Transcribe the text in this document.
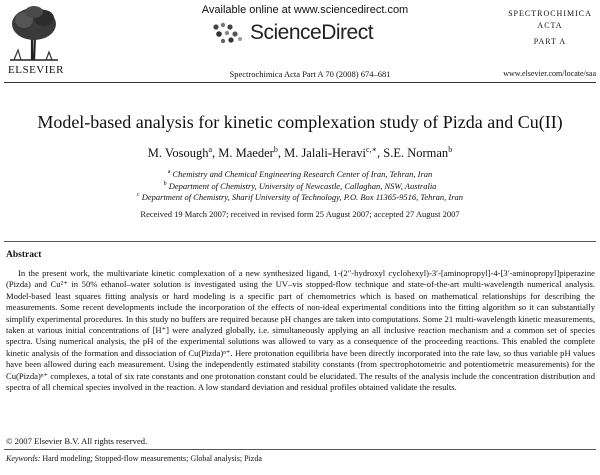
ELSEVIER
Available online at www.sciencedirect.com
ScienceDirect
Spectrochimica Acta Part A 70 (2008) 674–681
SPECTROCHIMICA
ACTA
PART A
www.elsevier.com/locate/saa
Model-based analysis for kinetic complexation study of Pizda and Cu(II)
M. Vosough$^a$, M. Maeder$^b$, M. Jalali-Heravi$^{c,∗}$, S.E. Norman$^b$
$^a$ Chemistry and Chemical Engineering Research Center of Iran, Tehran, Iran
$^b$ Department of Chemistry, University of Newcastle, Callaghan, NSW, Australia
$^c$ Department of Chemistry, Sharif University of Technology, P.O. Box 11365-9516, Tehran, Iran
Received 19 March 2007; received in revised form 25 August 2007; accepted 27 August 2007
Abstract

In the present work, the multivariate kinetic complexation of a new synthesized ligand, 1-(2″-hydroxyl cyclohexyl)-3′-[aminopropyl]-4-[3′-aminopropyl]piperazine (Pizda) and Cu²⁺ in 50% ethanol–water solution is investigated using the UV–vis stopped-flow technique and state-of-the-art multi-wavelength numerical analysis. Model-based least squares fitting analysis or hard modeling is a specific part of chemometrics which is based on mathematical relationships for describing the measurements. Some recent developments include the incorporation of the effects of non-ideal experimental conditions into the fitting algorithm so it can substantially simplify experimental procedures. In this study no buffers are required because pH changes are taken into computations. Some 21 multi-wavelength kinetic measurements, taken at various initial concentrations of [H⁺] were analyzed globally, i.e. simultaneously applying an all inclusive reaction mechanism and a common set of species spectra. Using numerical analysis, the pH of the experimental solutions was allowed to vary as a consequence of the proceeding reactions. This enabled the complete kinetic analysis of the formation and dissociation of Cu(Pizda)ⁿ⁺. Here protonation equilibria have been directly incorporated into the rate law, so thus variable pH values have been allowed during each measurement. Using the independently estimated stability constants (from spectrophotometric and potentiometric measurements) for the Cu(Pizda)ⁿ⁺ complexes, a total of six rate constants and one protonation constant could be elucidated. The results of the analysis include the concentration distribution and spectra of all chemical species involved in the reaction. A low standard deviation and residual profiles obtained validate the results.

© 2007 Elsevier B.V. All rights reserved.
Keywords: Hard modeling; Stopped-flow measurements; Global analysis; Pizda
